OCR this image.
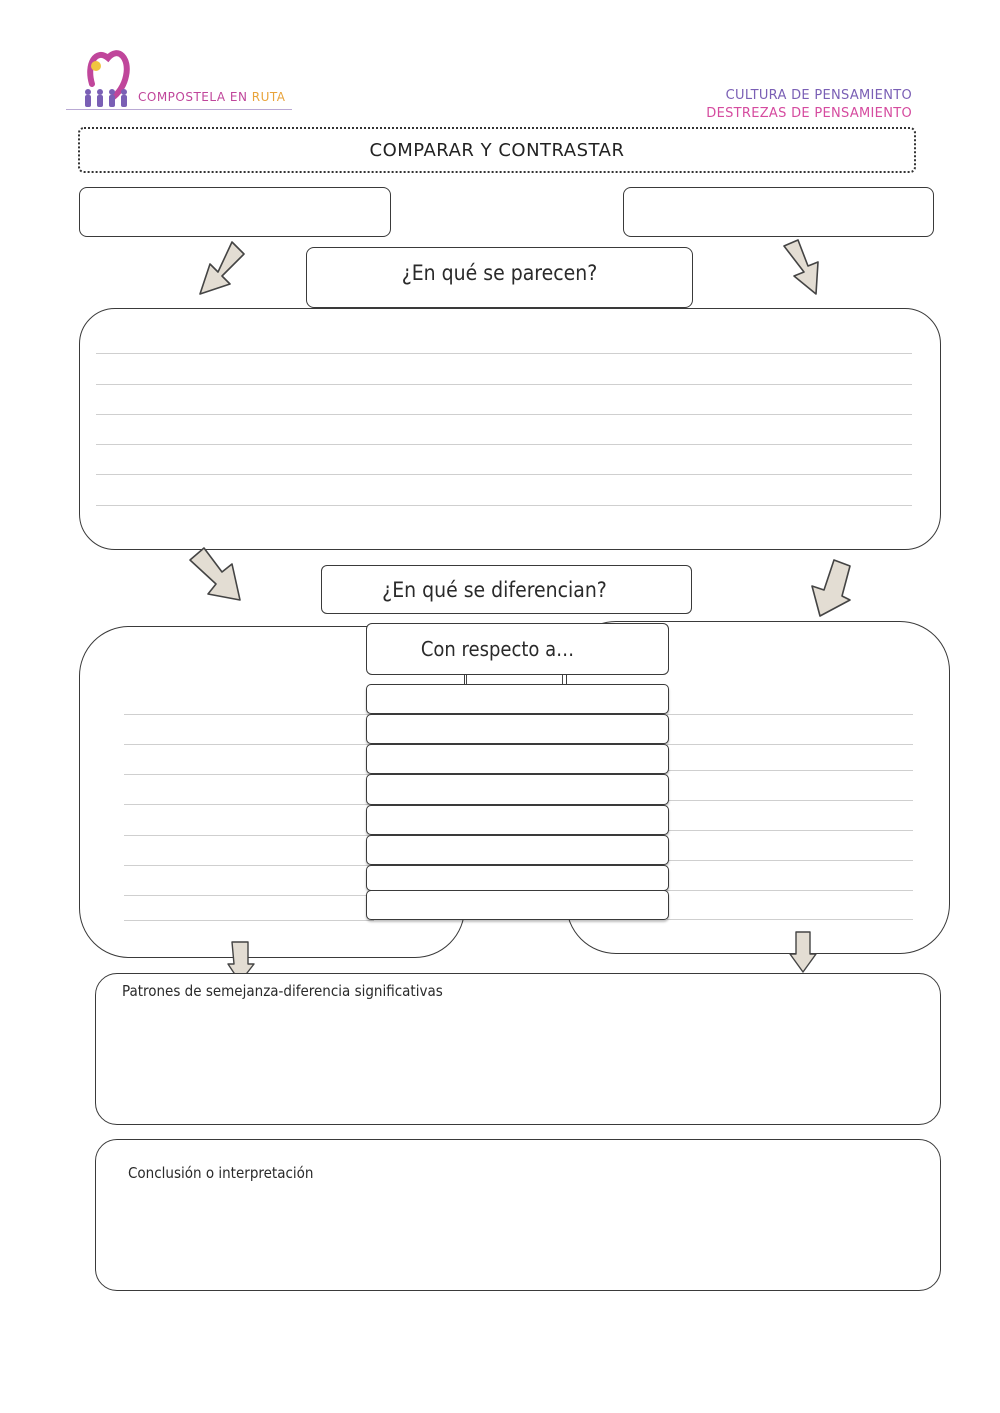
COMPOSTELA EN RUTA	CULTURA DE PENSAMIENTO
DESTREZAS DE PENSAMIENTO
COMPARAR Y CONTRASTAR
¿En qué se parecen?
¿En qué se diferencian?
Con respecto a…
Patrones de semejanza-diferencia significativas
Conclusión o interpretación
